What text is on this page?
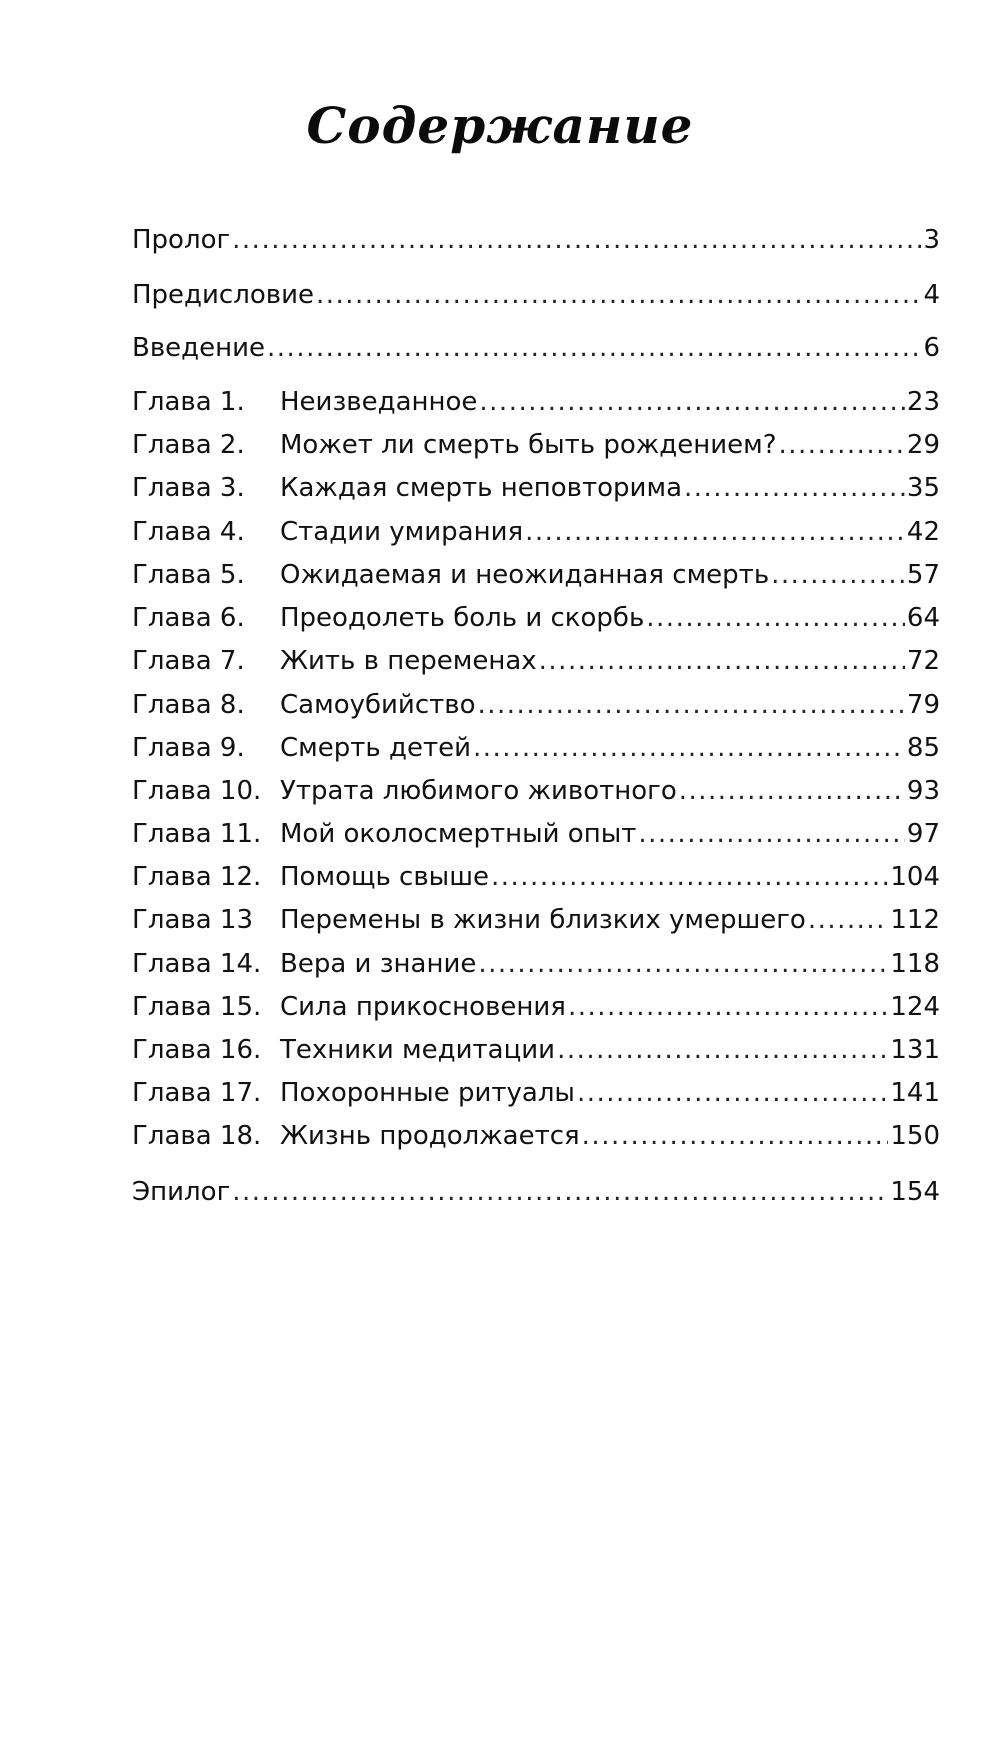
Содержание
Пролог .....	3
Предисловие .....	4
Введение .....	6
Глава 1.	Неизведанное .....	23
Глава 2.	Может ли смерть быть рождением? .....	29
Глава 3.	Каждая смерть неповторима .....	35
Глава 4.	Стадии умирания .....	42
Глава 5.	Ожидаемая и неожиданная смерть .....	57
Глава 6.	Преодолеть боль и скорбь .....	64
Глава 7.	Жить в переменах .....	72
Глава 8.	Самоубийство .....	79
Глава 9.	Смерть детей .....	85
Глава 10. Утрата любимого животного .....	93
Глава 11. Мой околосмертный опыт .....	97
Глава 12. Помощь свыше .....	104
Глава 13	Перемены в жизни близких умершего .....	112
Глава 14. Вера и знание .....	118
Глава 15. Сила прикосновения .....	124
Глава 16. Техники медитации .....	131
Глава 17. Похоронные ритуалы .....	141
Глава 18. Жизнь продолжается .....	150
Эпилог .....	154
